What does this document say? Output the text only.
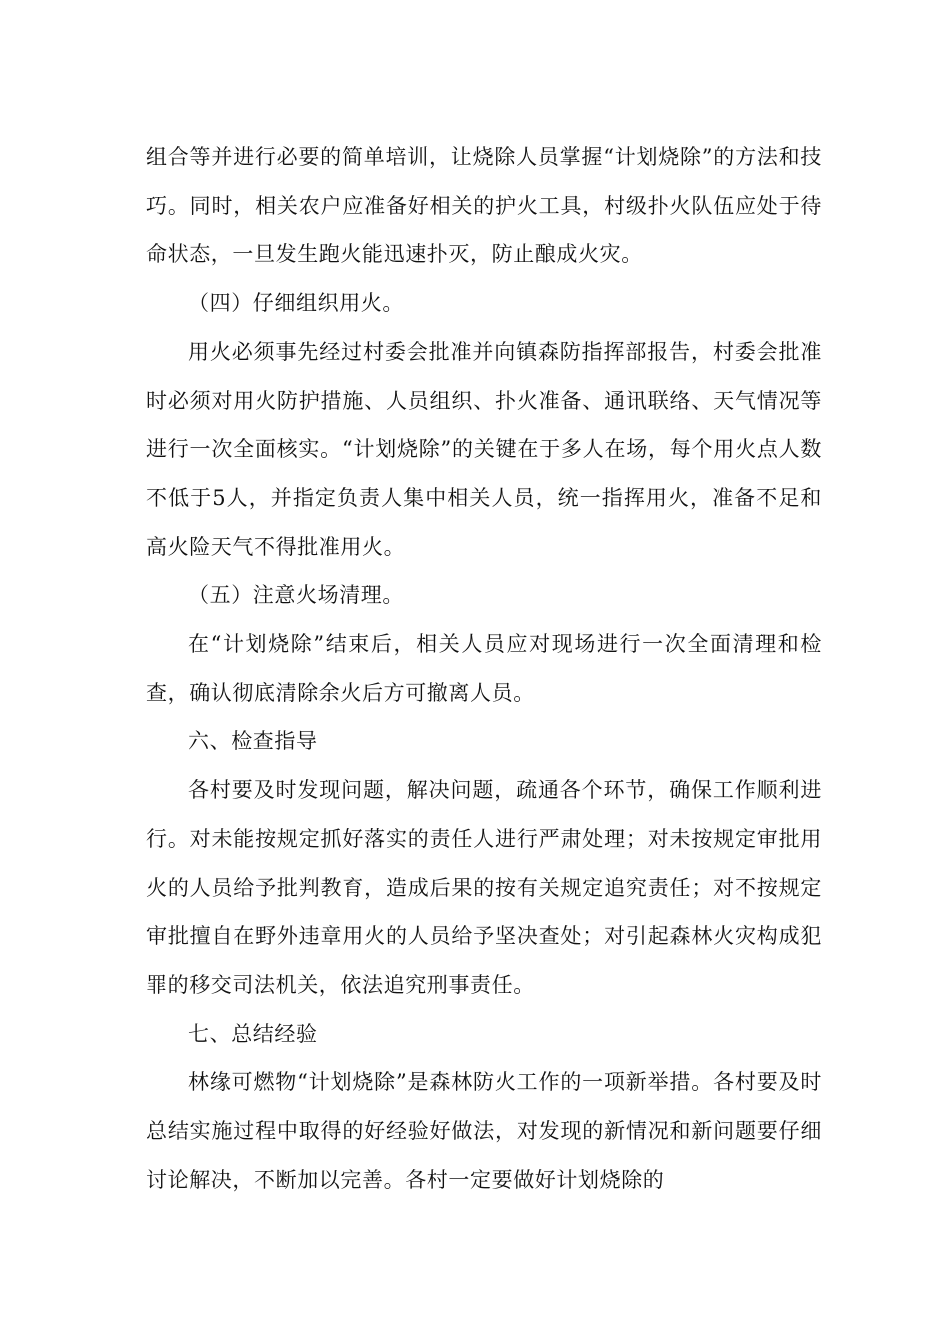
组合等并进行必要的简单培训，让烧除人员掌握“计划烧除”的方法和技巧。同时，相关农户应准备好相关的护火工具，村级扑火队伍应处于待命状态，一旦发生跑火能迅速扑灭，防止酿成火灾。

（四）仔细组织用火。

用火必须事先经过村委会批准并向镇森防指挥部报告，村委会批准时必须对用火防护措施、人员组织、扑火准备、通讯联络、天气情况等进行一次全面核实。“计划烧除”的关键在于多人在场，每个用火点人数不低于5人，并指定负责人集中相关人员，统一指挥用火，准备不足和高火险天气不得批准用火。

（五）注意火场清理。

在“计划烧除”结束后，相关人员应对现场进行一次全面清理和检查，确认彻底清除余火后方可撤离人员。

六、检查指导

各村要及时发现问题，解决问题，疏通各个环节，确保工作顺利进行。对未能按规定抓好落实的责任人进行严肃处理；对未按规定审批用火的人员给予批判教育，造成后果的按有关规定追究责任；对不按规定审批擅自在野外违章用火的人员给予坚决查处；对引起森林火灾构成犯罪的移交司法机关，依法追究刑事责任。

七、总结经验

林缘可燃物“计划烧除”是森林防火工作的一项新举措。各村要及时总结实施过程中取得的好经验好做法，对发现的新情况和新问题要仔细讨论解决，不断加以完善。各村一定要做好计划烧除的
